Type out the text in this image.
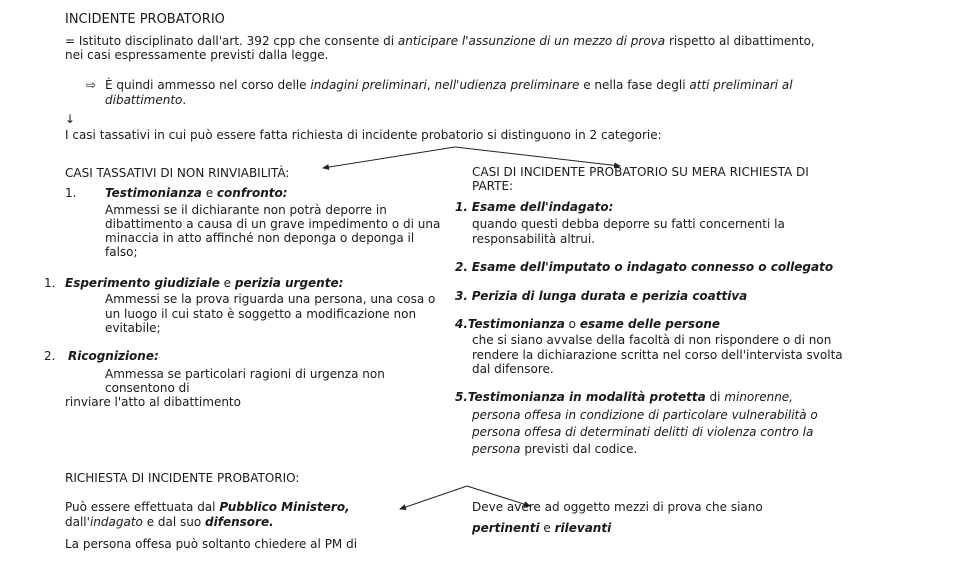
INCIDENTE PROBATORIO
= Istituto disciplinato dall'art. 392 cpp che consente di anticipare l'assunzione di un mezzo di prova rispetto al dibattimento,
nei casi espressamente previsti dalla legge.
⇨ È quindi ammesso nel corso delle indagini preliminari, nell'udienza preliminare e nella fase degli atti preliminari al
dibattimento.
↓
I casi tassativi in cui può essere fatta richiesta di incidente probatorio si distinguono in 2 categorie:
CASI TASSATIVI DI NON RINVIABILITÀ:
1. Testimonianza e confronto:
Ammessi se il dichiarante non potrà deporre in
dibattimento a causa di un grave impedimento o di una
minaccia in atto affinché non deponga o deponga il
falso;
1. Esperimento giudiziale e perizia urgente:
Ammessi se la prova riguarda una persona, una cosa o
un luogo il cui stato è soggetto a modificazione non
evitabile;
2. Ricognizione:
Ammessa se particolari ragioni di urgenza non
consentono di
rinviare l'atto al dibattimento
CASI DI INCIDENTE PROBATORIO SU MERA RICHIESTA DI
PARTE:
1. Esame dell'indagato:
quando questi debba deporre su fatti concernenti la
responsabilità altrui.
2. Esame dell'imputato o indagato connesso o collegato
3. Perizia di lunga durata e perizia coattiva
4.Testimonianza o esame delle persone
che si siano avvalse della facoltà di non rispondere o di non
rendere la dichiarazione scritta nel corso dell'intervista svolta
dal difensore.
5.Testimonianza in modalità protetta di minorenne,
persona offesa in condizione di particolare vulnerabilità o
persona offesa di determinati delitti di violenza contro la
persona previsti dal codice.
RICHIESTA DI INCIDENTE PROBATORIO:
Può essere effettuata dal Pubblico Ministero,
dall'indagato e dal suo difensore.
La persona offesa può soltanto chiedere al PM di
Deve avere ad oggetto mezzi di prova che siano
pertinenti e rilevanti
